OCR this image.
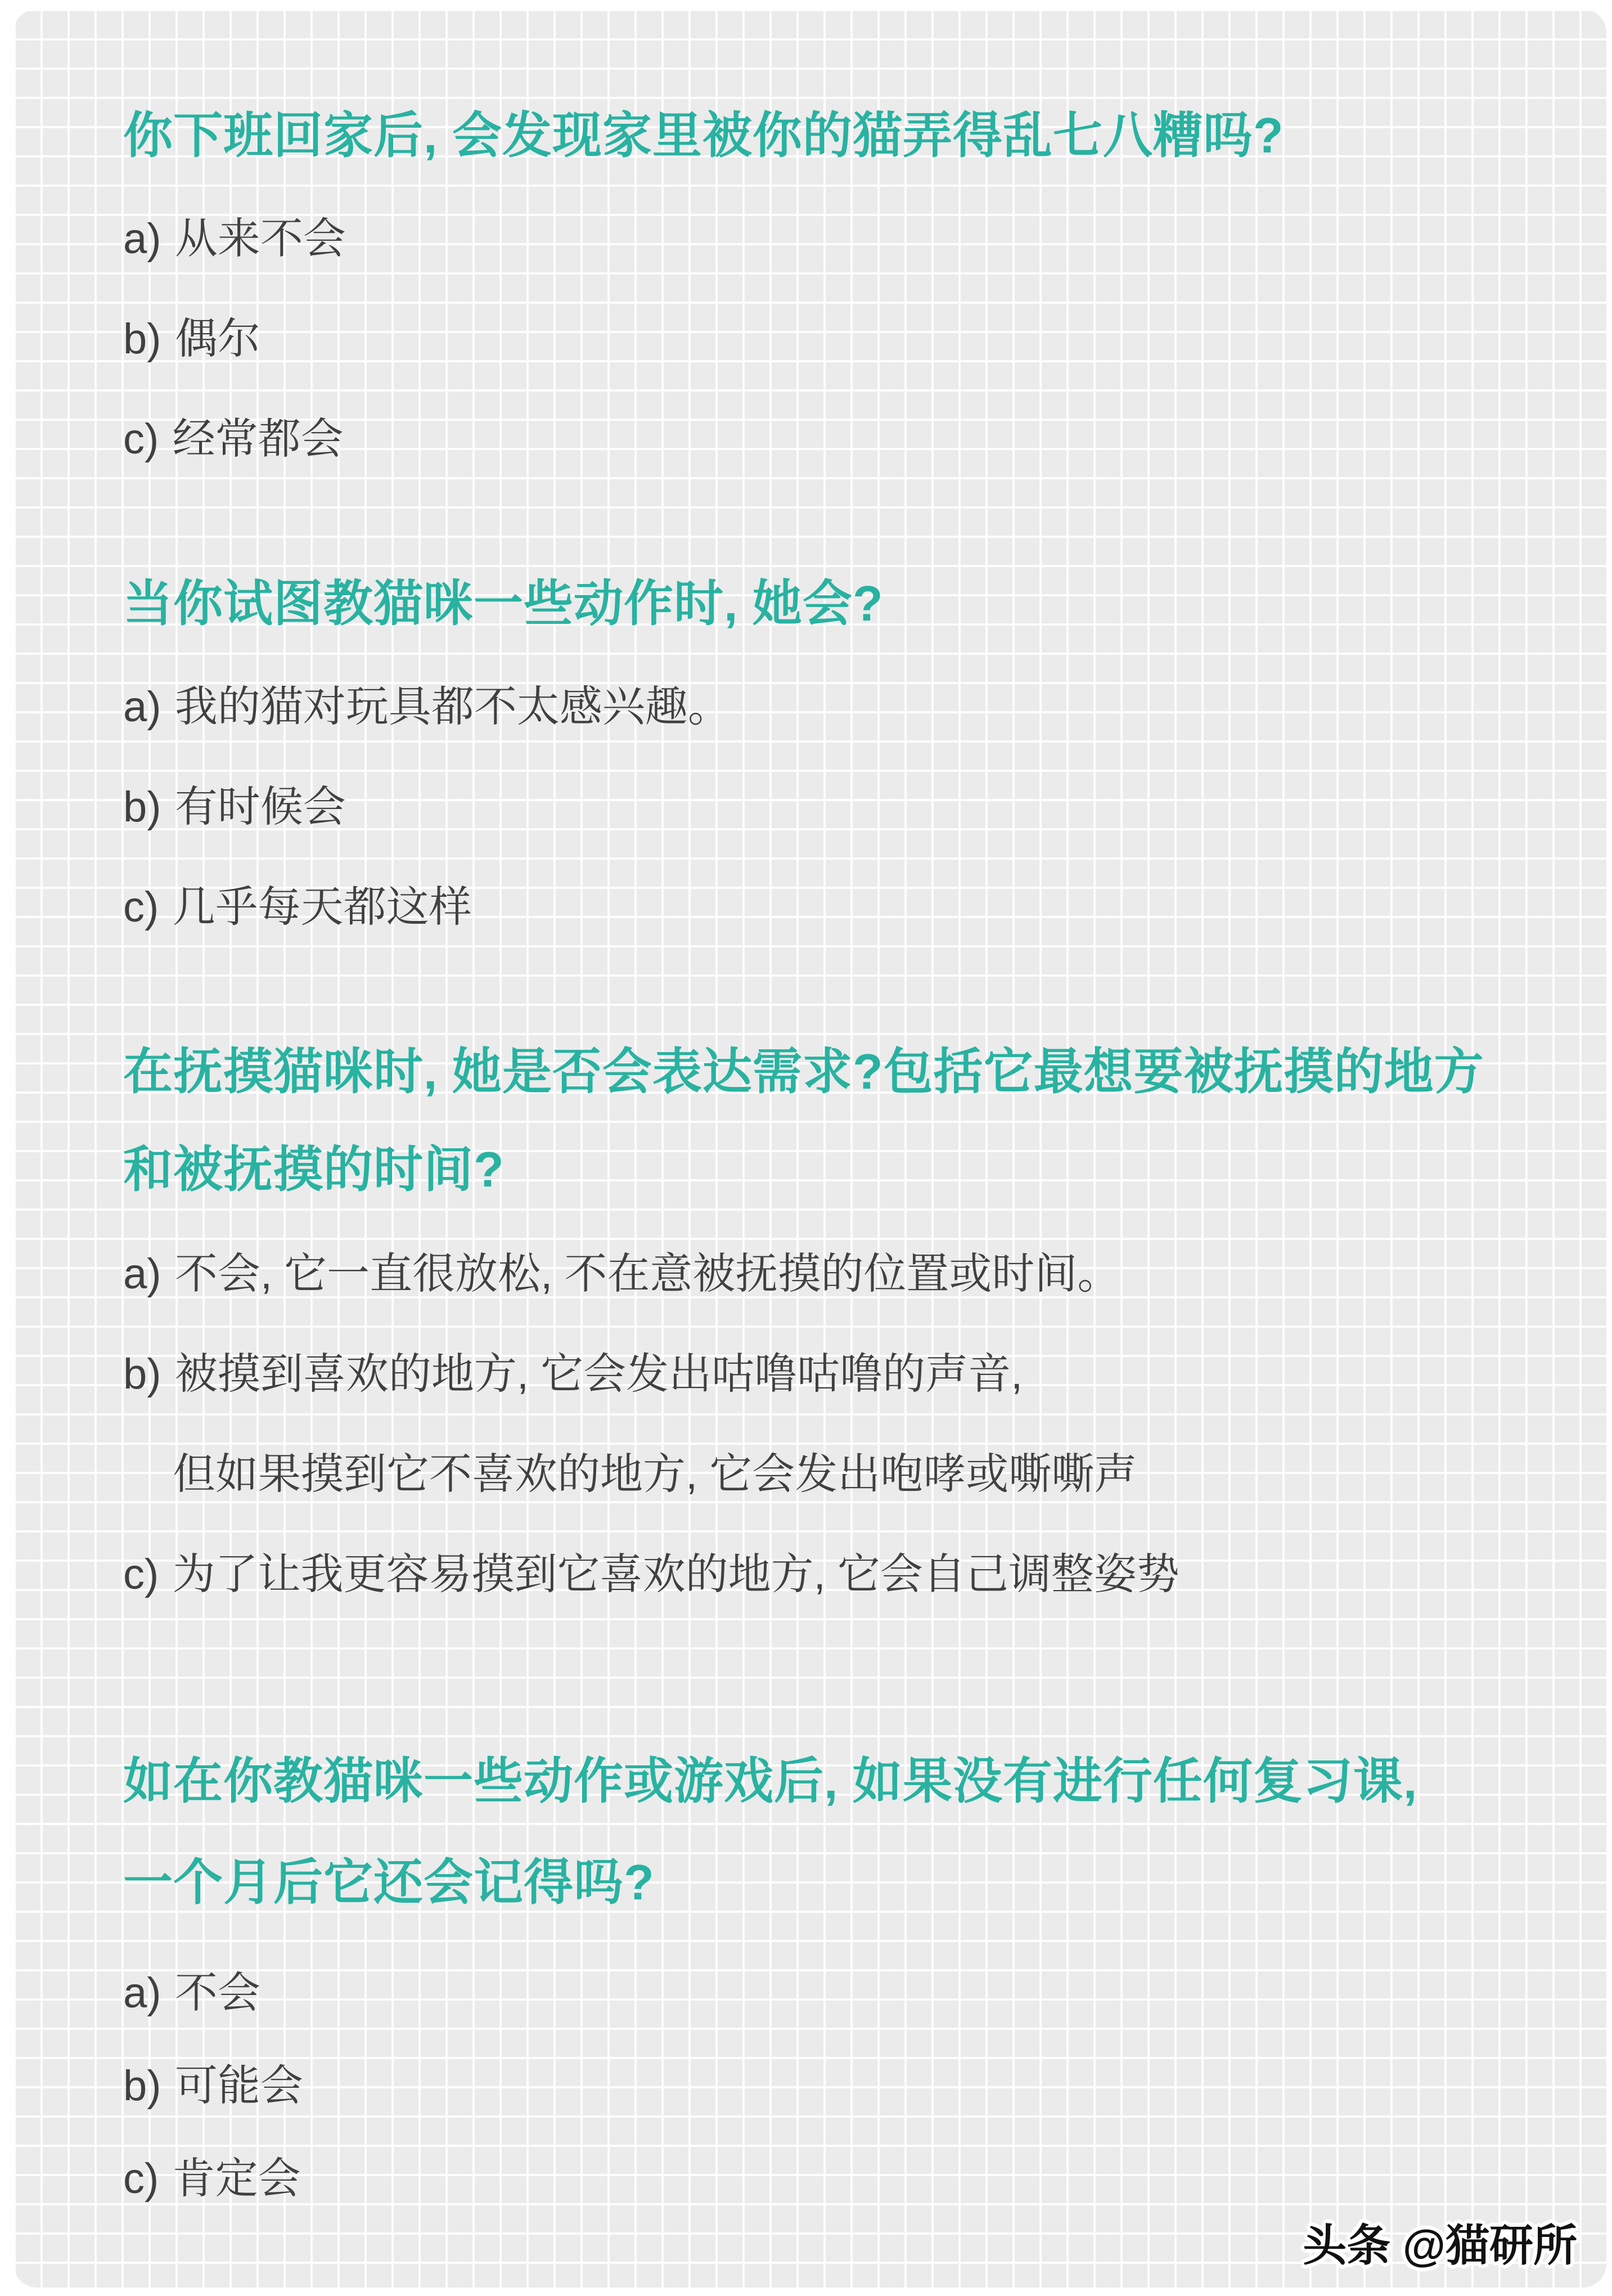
你下班回家后, 会发现家里被你的猫弄得乱七八糟吗?

a) 从来不会

b) 偶尔

c) 经常都会

当你试图教猫咪一些动作时, 她会?

a) 我的猫对玩具都不太感兴趣。

b) 有时候会

c) 几乎每天都这样

在抚摸猫咪时, 她是否会表达需求?包括它最想要被抚摸的地方
和被抚摸的时间?

a) 不会, 它一直很放松, 不在意被抚摸的位置或时间。

b) 被摸到喜欢的地方, 它会发出咕噜咕噜的声音,

但如果摸到它不喜欢的地方, 它会发出咆哮或嘶嘶声

c) 为了让我更容易摸到它喜欢的地方, 它会自己调整姿势

如在你教猫咪一些动作或游戏后, 如果没有进行任何复习课,
一个月后它还会记得吗?

a) 不会

b) 可能会

c) 肯定会

头条 @猫研所
